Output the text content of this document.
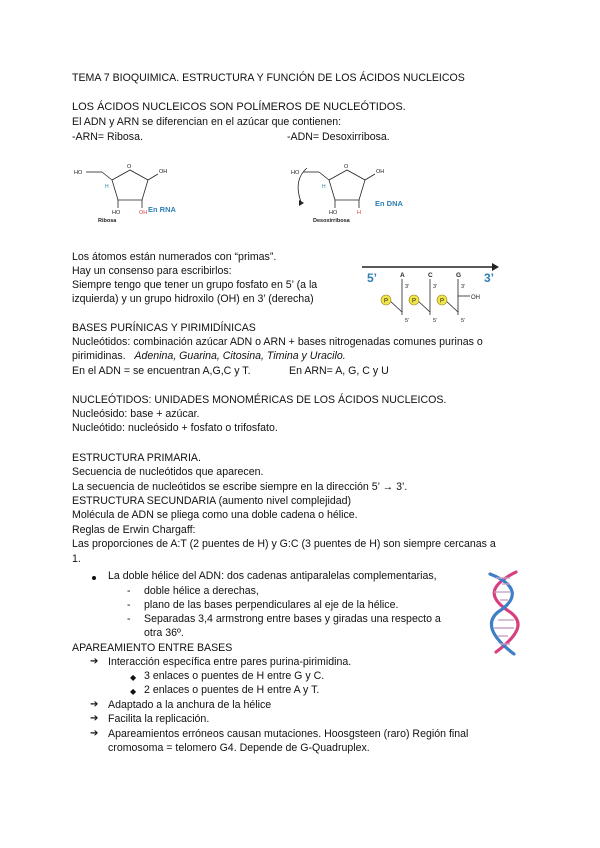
TEMA 7 BIOQUIMICA. ESTRUCTURA Y FUNCIÓN DE LOS ÁCIDOS NUCLEICOS
LOS ÁCIDOS NUCLEICOS SON POLÍMEROS DE NUCLEÓTIDOS.
El ADN y ARN se diferencian en el azúcar que contienen:
-ARN= Ribosa.	-ADN= Desoxirribosa.
HO
O
OH
H
HO	OH
Ribosa
En RNA
HO
O
OH
H
HO	H
Desoxirribosa
En DNA
Los átomos están numerados con “primas”.
Hay un consenso para escribirlos:
Siempre tengo que tener un grupo fosfato en 5’ (a la
izquierda) y un grupo hidroxilo (OH) en 3’ (derecha)
5’	3’
A	C	G
P	P	P
3’	3’	3’
5’	5’	5’
OH
BASES PURÍNICAS Y PIRIMIDÍNICAS
Nucleótidos: combinación azúcar ADN o ARN + bases nitrogenadas comunes purinas o
pirimidinas. Adenina, Guarina, Citosina, Timina y Uracilo.
En el ADN = se encuentran A,G,C y T.	En ARN= A, G, C y U
NUCLEÓTIDOS: UNIDADES MONOMÉRICAS DE LOS ÁCIDOS NUCLEICOS.
Nucleósido: base + azúcar.
Nucleótido: nucleósido + fosfato o trifosfato.
ESTRUCTURA PRIMARIA.
Secuencia de nucleótidos que aparecen.
La secuencia de nucleótidos se escribe siempre en la dirección 5’ → 3’.
ESTRUCTURA SECUNDARIA (aumento nivel complejidad)
Molécula de ADN se pliega como una doble cadena o hélice.
Reglas de Erwin Chargaff:
Las proporciones de A:T (2 puentes de H) y G:C (3 puentes de H) son siempre cercanas a
1.
La doble hélice del ADN: dos cadenas antiparalelas complementarias,
- doble hélice a derechas,
- plano de las bases perpendiculares al eje de la hélice.
- Separadas 3,4 armstrong entre bases y giradas una respecto a
otra 36º.
APAREAMIENTO ENTRE BASES
➔ Interacción específica entre pares purina-pirimidina.
◆ 3 enlaces o puentes de H entre G y C.
◆ 2 enlaces o puentes de H entre A y T.
➔ Adaptado a la anchura de la hélice
➔ Facilita la replicación.
➔ Apareamientos erróneos causan mutaciones. Hoosgsteen (raro) Región final
cromosoma = telomero G4. Depende de G-Quadruplex.
